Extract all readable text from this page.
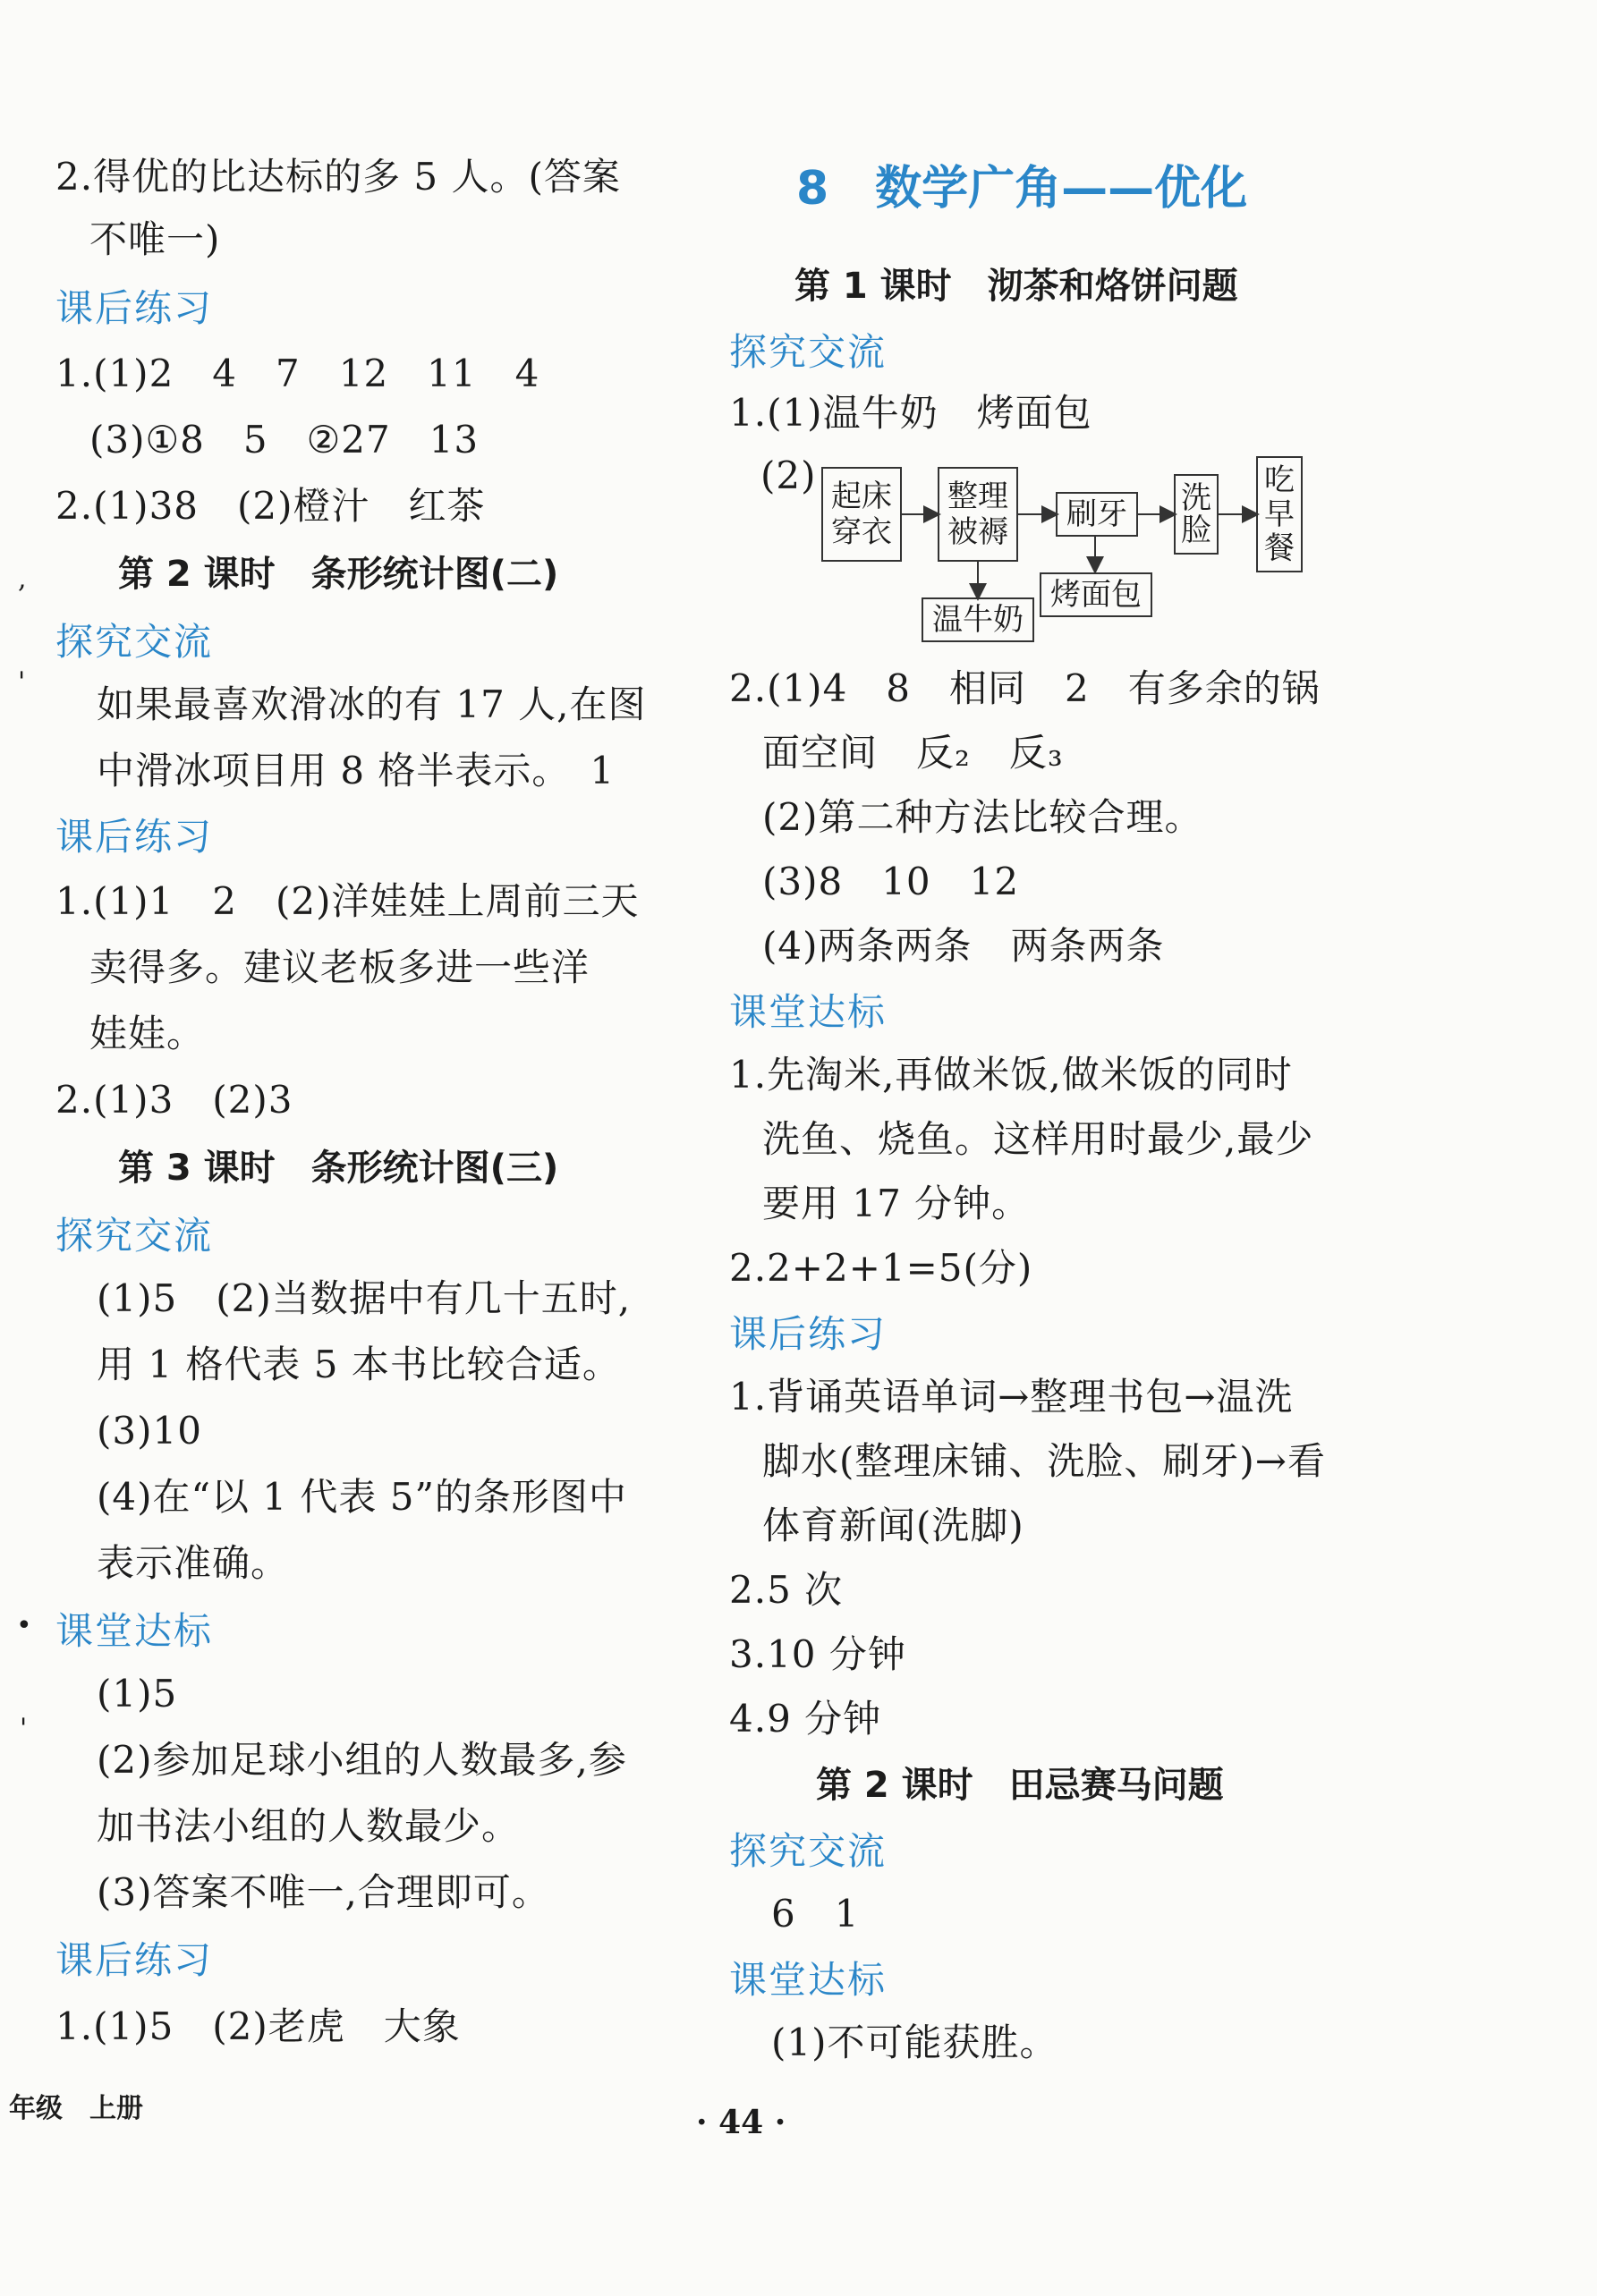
2.得优的比达标的多 5 人。(答案
不唯一)
课后练习
1.(1)2　4　7　12　11　4
(3)①8　5　②27　13
2.(1)38　(2)橙汁　红茶
第 2 课时　条形统计图(二)
探究交流
如果最喜欢滑冰的有 17 人,在图
中滑冰项目用 8 格半表示。　1
课后练习
1.(1)1　2　(2)洋娃娃上周前三天
卖得多。建议老板多进一些洋
娃娃。
2.(1)3　(2)3
第 3 课时　条形统计图(三)
探究交流
(1)5　(2)当数据中有几十五时,
用 1 格代表 5 本书比较合适。
(3)10
(4)在“以 1 代表 5”的条形图中
表示准确。
课堂达标
(1)5
(2)参加足球小组的人数最多,参
加书法小组的人数最少。
(3)答案不唯一,合理即可。
课后练习
1.(1)5　(2)老虎　大象
,
'
•
'
8　数学广角——优化
第 1 课时　沏茶和烙饼问题
探究交流
1.(1)温牛奶　烤面包
(2) 起床
穿衣
整理
被褥	刷牙	洗
脸
吃
早
餐
温牛奶
烤面包
2.(1)4　8　相同　2　有多余的锅
面空间　反₂　反₃
(2)第二种方法比较合理。
(3)8　10　12
(4)两条两条　两条两条
课堂达标
1.先淘米,再做米饭,做米饭的同时
洗鱼、烧鱼。这样用时最少,最少
要用 17 分钟。
2.2+2+1=5(分)
课后练习
1.背诵英语单词→整理书包→温洗
脚水(整理床铺、洗脸、刷牙)→看
体育新闻(洗脚)
2.5 次
3.10 分钟
4.9 分钟
第 2 课时　田忌赛马问题
探究交流
6　1
课堂达标
(1)不可能获胜。
年级　上册	· 44 ·
